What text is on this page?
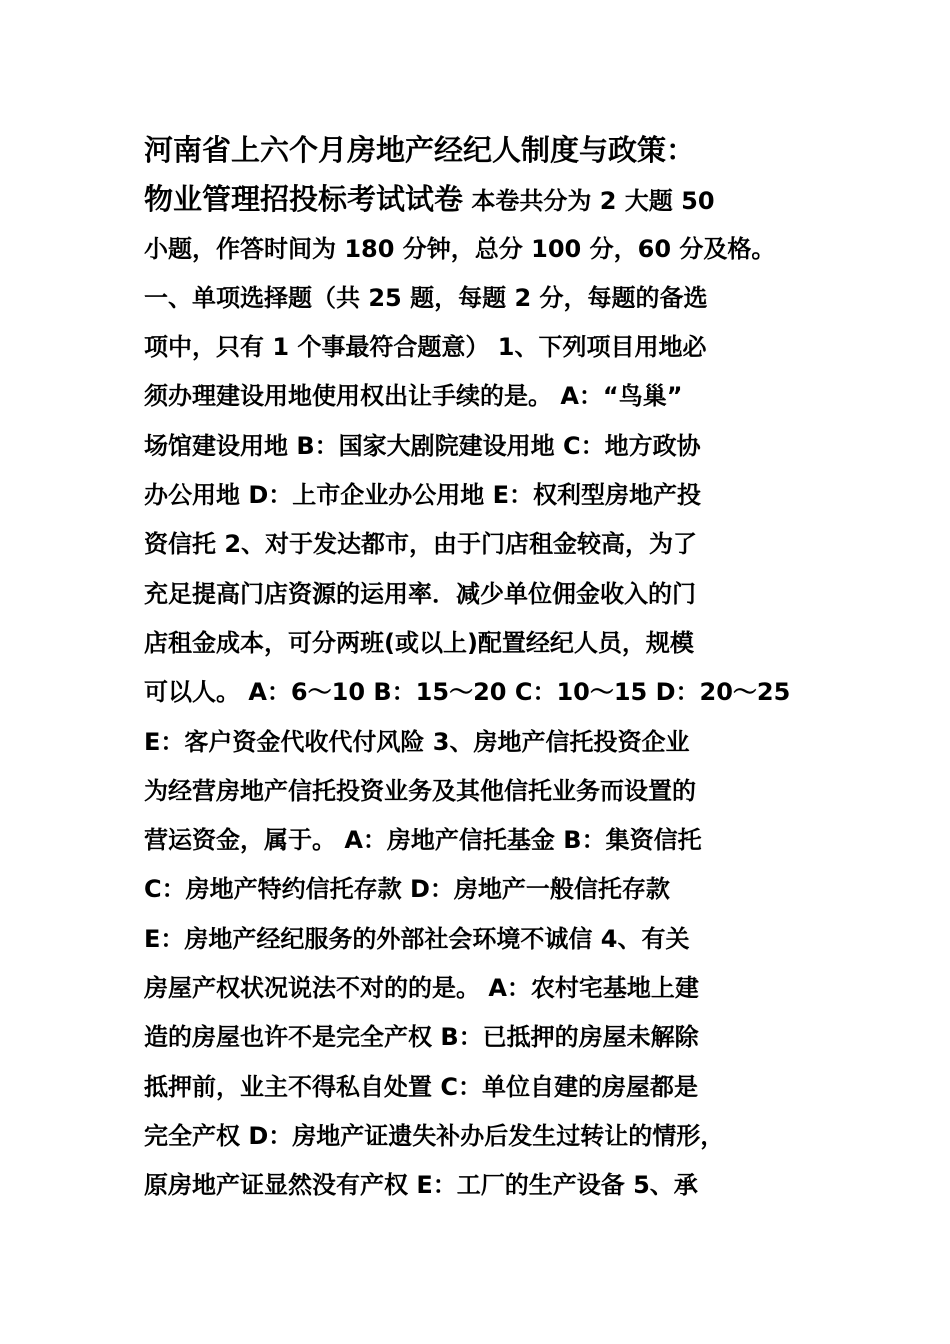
河南省上六个月房地产经纪人制度与政策：
物业管理招投标考试试卷 本卷共分为 2 大题 50
小题，作答时间为 180 分钟，总分 100 分，60 分及格。
一、单项选择题（共 25 题，每题 2 分，每题的备选
项中，只有 1 个事最符合题意） 1、下列项目用地必
须办理建设用地使用权出让手续的是。 A：“鸟巢”
场馆建设用地 B：国家大剧院建设用地 C：地方政协
办公用地 D：上市企业办公用地 E：权利型房地产投
资信托 2、对于发达都市，由于门店租金较高，为了
充足提高门店资源的运用率．减少单位佣金收入的门
店租金成本，可分两班(或以上)配置经纪人员，规模
可以人。 A：6～10 B：15～20 C：10～15 D：20～25
E：客户资金代收代付风险 3、房地产信托投资企业
为经营房地产信托投资业务及其他信托业务而设置的
营运资金，属于。 A：房地产信托基金 B：集资信托
C：房地产特约信托存款 D：房地产一般信托存款
E：房地产经纪服务的外部社会环境不诚信 4、有关
房屋产权状况说法不对的的是。 A：农村宅基地上建
造的房屋也许不是完全产权 B：已抵押的房屋未解除
抵押前，业主不得私自处置 C：单位自建的房屋都是
完全产权 D：房地产证遗失补办后发生过转让的情形，
原房地产证显然没有产权 E：工厂的生产设备 5、承
